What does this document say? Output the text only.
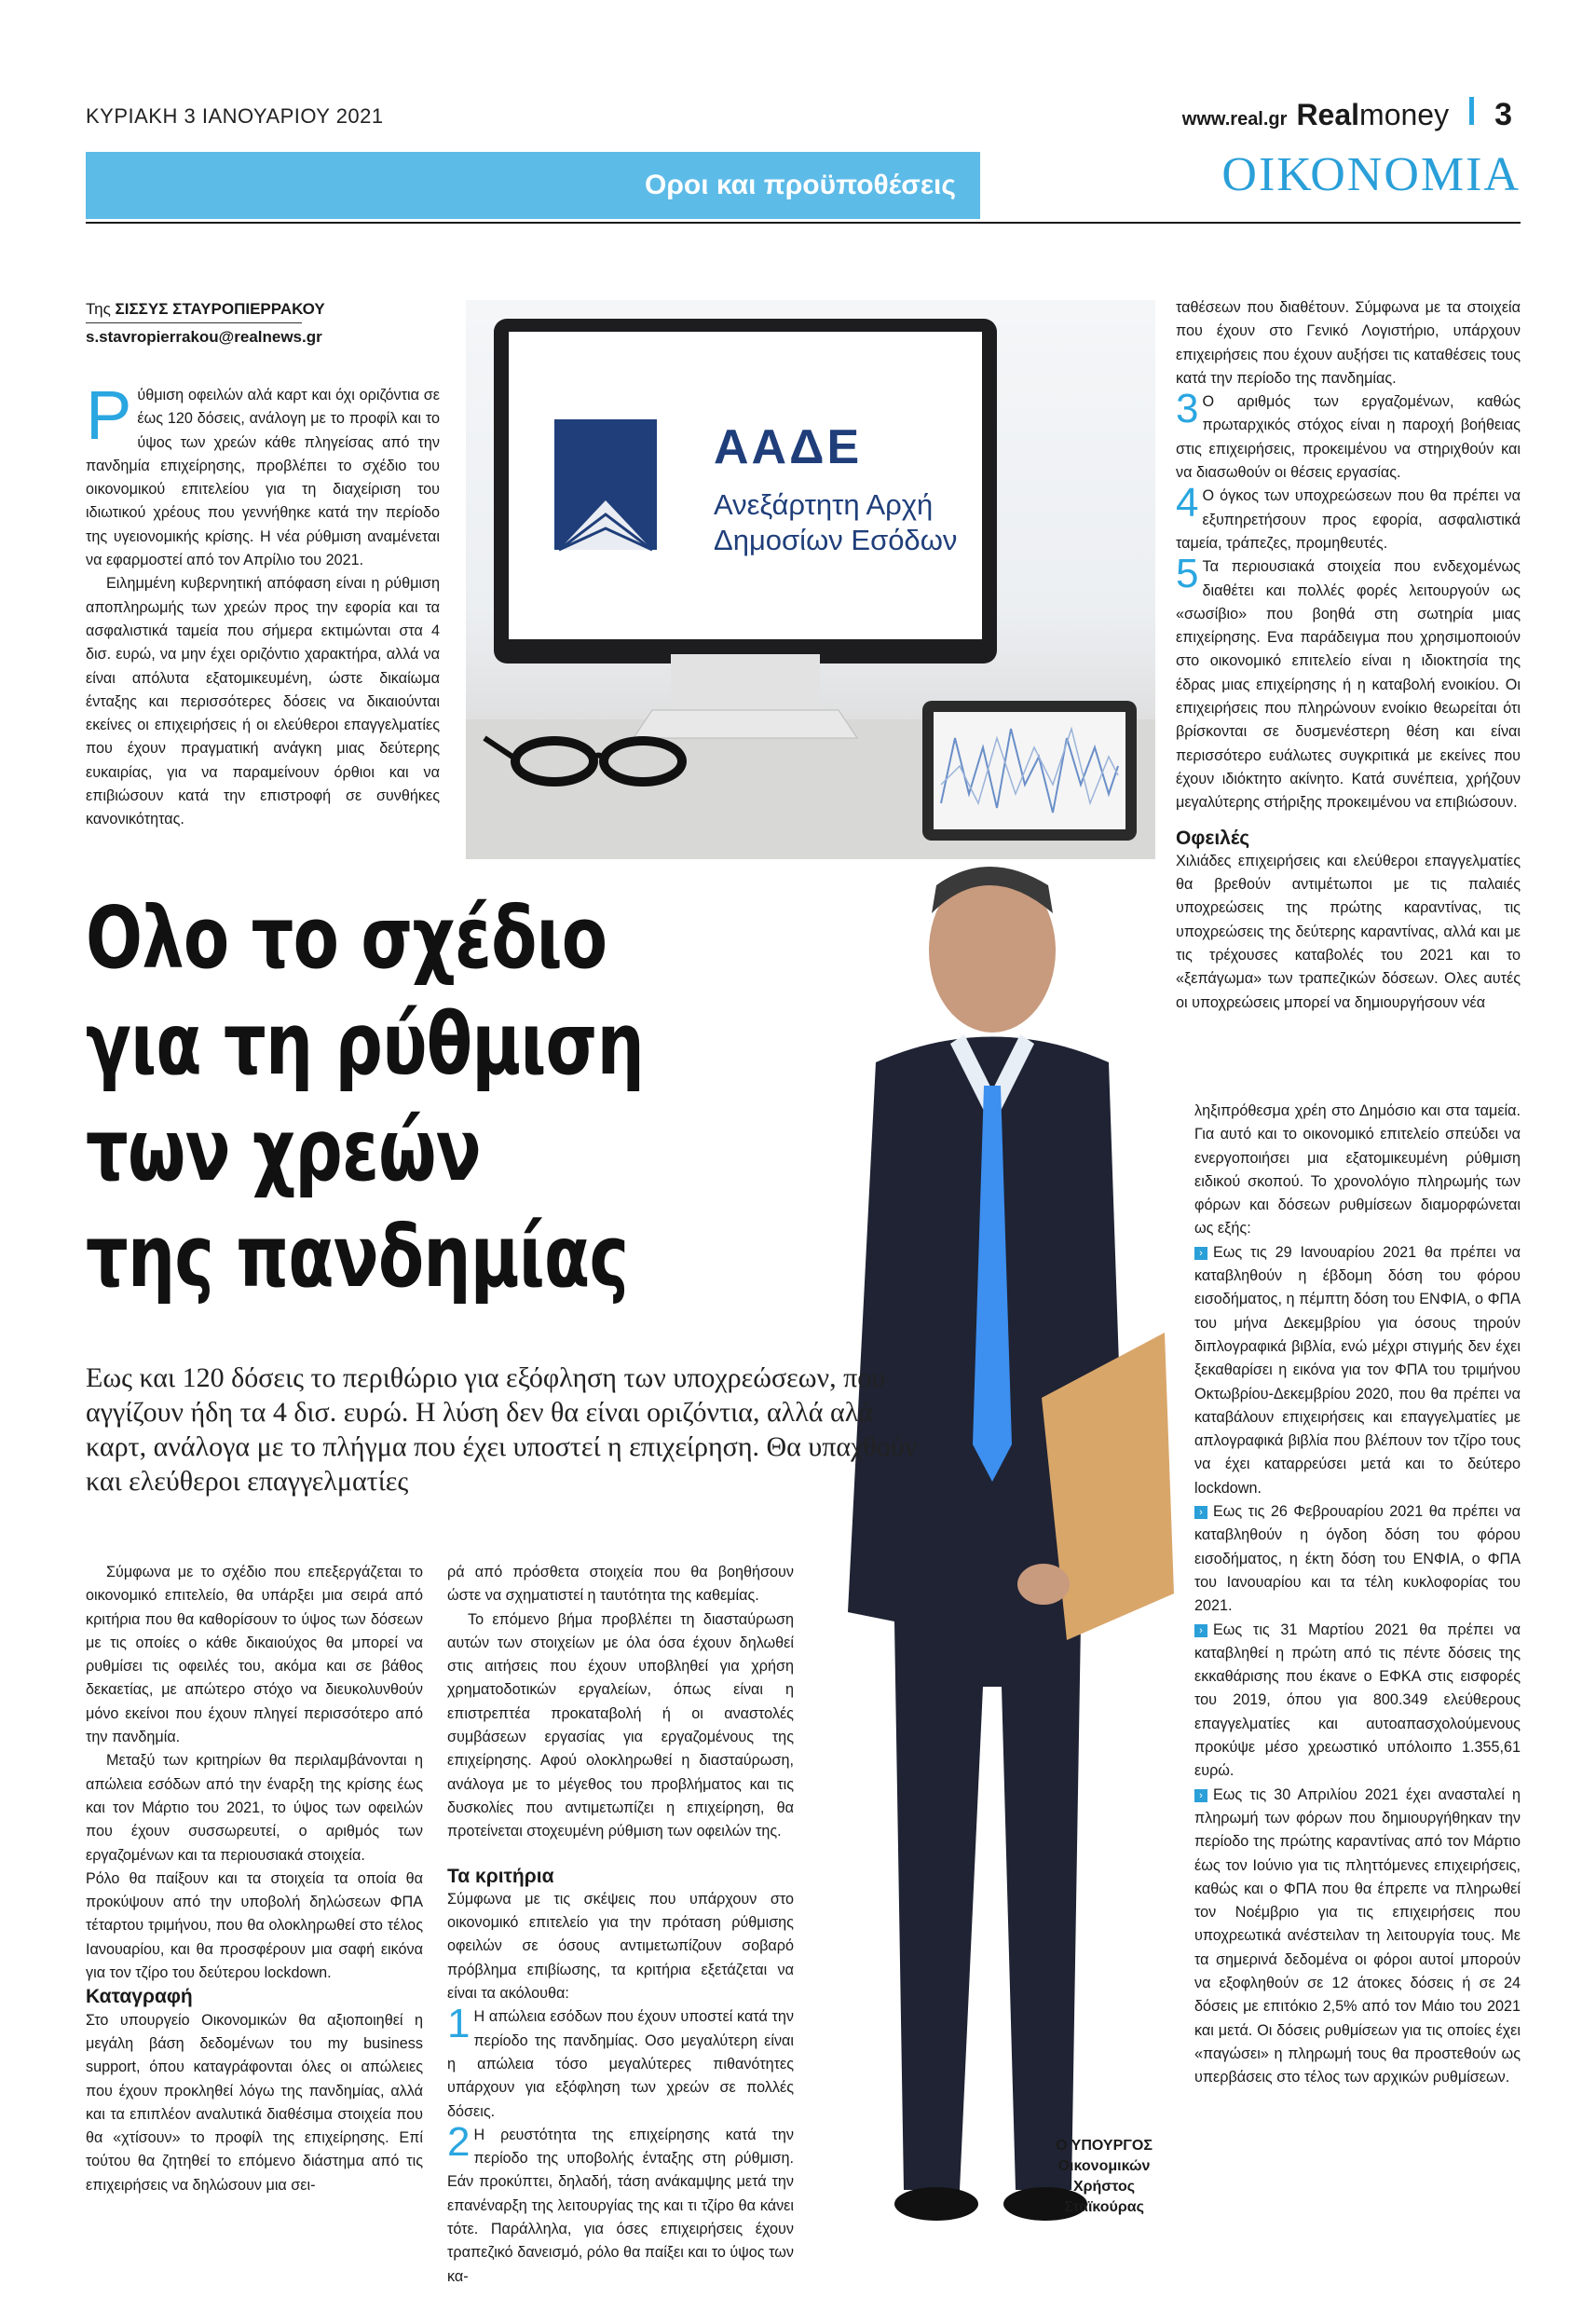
ΚΥΡΙΑΚΗ 3 ΙΑΝΟΥΑΡΙΟΥ 2021	www.real.gr Realmoney 3
Οροι και προϋποθέσεις	ΟΙΚΟΝΟΜΙΑ
Της ΣΙΣΣΥΣ ΣΤΑΥΡΟΠΙΕΡΡΑΚΟΥ
s.stavropierrakou@realnews.gr

Ρύθμιση οφειλών αλά καρτ και όχι οριζόντια σε έως 120 δόσεις, ανάλογη με το προφίλ και το ύψος των χρεών κάθε πληγείσας από την πανδημία επιχείρησης, προβλέπει το σχέδιο του οικονομικού επιτελείου για τη διαχείριση του ιδιωτικού χρέους που γεννήθηκε κατά την περίοδο της υγειονομικής κρίσης. Η νέα ρύθμιση αναμένεται να εφαρμοστεί από τον Απρίλιο του 2021.

Ειλημμένη κυβερνητική απόφαση είναι η ρύθμιση αποπληρωμής των χρεών προς την εφορία και τα ασφαλιστικά ταμεία που σήμερα εκτιμώνται στα 4 δισ. ευρώ, να μην έχει οριζόντιο χαρακτήρα, αλλά να είναι απόλυτα εξατομικευμένη, ώστε δικαίωμα ένταξης και περισσότερες δόσεις να δικαιούνται εκείνες οι επιχειρήσεις ή οι ελεύθεροι επαγγελματίες που έχουν πραγματική ανάγκη μιας δεύτερης ευκαιρίας, για να παραμείνουν όρθιοι και να επιβιώσουν κατά την επιστροφή σε συνθήκες κανονικότητας.

ΑΑΔΕ
Ανεξάρτητη Αρχή
Δημοσίων Εσόδων
Ολο το σχέδιο
για τη ρύθμιση
των χρεών
της πανδημίας
Εως και 120 δόσεις το περιθώριο για εξόφληση των υποχρεώσεων, που αγγίζουν ήδη τα 4 δισ. ευρώ. Η λύση δεν θα είναι οριζόντια, αλλά αλά καρτ, ανάλογα με το πλήγμα που έχει υποστεί η επιχείρηση. Θα υπαχθούν και ελεύθεροι επαγγελματίες

Σύμφωνα με το σχέδιο που επεξεργάζεται το οικονομικό επιτελείο, θα υπάρξει μια σειρά από κριτήρια που θα καθορίσουν το ύψος των δόσεων με τις οποίες ο κάθε δικαιούχος θα μπορεί να ρυθμίσει τις οφειλές του, ακόμα και σε βάθος δεκαετίας, με απώτερο στόχο να διευκολυνθούν μόνο εκείνοι που έχουν πληγεί περισσότερο από την πανδημία.

Μεταξύ των κριτηρίων θα περιλαμβάνονται η απώλεια εσόδων από την έναρξη της κρίσης έως και τον Μάρτιο του 2021, το ύψος των οφειλών που έχουν συσσωρευτεί, ο αριθμός των εργαζομένων και τα περιουσιακά στοιχεία.

Ρόλο θα παίξουν και τα στοιχεία τα οποία θα προκύψουν από την υποβολή δηλώσεων ΦΠΑ τέταρτου τριμήνου, που θα ολοκληρωθεί στο τέλος Ιανουαρίου, και θα προσφέρουν μια σαφή εικόνα για τον τζίρο του δεύτερου lockdown.

Καταγραφή

Στο υπουργείο Οικονομικών θα αξιοποιηθεί η μεγάλη βάση δεδομένων του my business support, όπου καταγράφονται όλες οι απώλειες που έχουν προκληθεί λόγω της πανδημίας, αλλά και τα επιπλέον αναλυτικά διαθέσιμα στοιχεία που θα «χτίσουν» το προφίλ της επιχείρησης. Επί τούτου θα ζητηθεί το επόμενο διάστημα από τις επιχειρήσεις να δηλώσουν μια σει-

ρά από πρόσθετα στοιχεία που θα βοηθήσουν ώστε να σχηματιστεί η ταυτότητα της καθεμίας.

Το επόμενο βήμα προβλέπει τη διασταύρωση αυτών των στοιχείων με όλα όσα έχουν δηλωθεί στις αιτήσεις που έχουν υποβληθεί για χρήση χρηματοδοτικών εργαλείων, όπως είναι η επιστρεπτέα προκαταβολή ή οι αναστολές συμβάσεων εργασίας για εργαζομένους της επιχείρησης. Αφού ολοκληρωθεί η διασταύρωση, ανάλογα με το μέγεθος του προβλήματος και τις δυσκολίες που αντιμετωπίζει η επιχείρηση, θα προτείνεται στοχευμένη ρύθμιση των οφειλών της.

Τα κριτήρια

Σύμφωνα με τις σκέψεις που υπάρχουν στο οικονομικό επιτελείο για την πρόταση ρύθμισης οφειλών σε όσους αντιμετωπίζουν σοβαρό πρόβλημα επιβίωσης, τα κριτήρια εξετάζεται να είναι τα ακόλουθα:

1 Η απώλεια εσόδων που έχουν υποστεί κατά την περίοδο της πανδημίας. Οσο μεγαλύτερη είναι η απώλεια τόσο μεγαλύτερες πιθανότητες υπάρχουν για εξόφληση των χρεών σε πολλές δόσεις.

2 Η ρευστότητα της επιχείρησης κατά την περίοδο της υποβολής ένταξης στη ρύθμιση. Εάν προκύπτει, δηλαδή, τάση ανάκαμψης μετά την επανέναρξη της λειτουργίας της και τι τζίρο θα κάνει τότε. Παράλληλα, για όσες επιχειρήσεις έχουν τραπεζικό δανεισμό, ρόλο θα παίξει και το ύψος των κα-

ταθέσεων που διαθέτουν. Σύμφωνα με τα στοιχεία που έχουν στο Γενικό Λογιστήριο, υπάρχουν επιχειρήσεις που έχουν αυξήσει τις καταθέσεις τους κατά την περίοδο της πανδημίας.

3 Ο αριθμός των εργαζομένων, καθώς πρωταρχικός στόχος είναι η παροχή βοήθειας στις επιχειρήσεις, προκειμένου να στηριχθούν και να διασωθούν οι θέσεις εργασίας.

4 Ο όγκος των υποχρεώσεων που θα πρέπει να εξυπηρετήσουν προς εφορία, ασφαλιστικά ταμεία, τράπεζες, προμηθευτές.

5 Τα περιουσιακά στοιχεία που ενδεχομένως διαθέτει και πολλές φορές λειτουργούν ως «σωσίβιο» που βοηθά στη σωτηρία μιας επιχείρησης. Ενα παράδειγμα που χρησιμοποιούν στο οικονομικό επιτελείο είναι η ιδιοκτησία της έδρας μιας επιχείρησης ή η καταβολή ενοικίου. Οι επιχειρήσεις που πληρώνουν ενοίκιο θεωρείται ότι βρίσκονται σε δυσμενέστερη θέση και είναι περισσότερο ευάλωτες συγκριτικά με εκείνες που έχουν ιδιόκτητο ακίνητο. Κατά συνέπεια, χρήζουν μεγαλύτερης στήριξης προκειμένου να επιβιώσουν.

Οφειλές

Χιλιάδες επιχειρήσεις και ελεύθεροι επαγγελματίες θα βρεθούν αντιμέτωποι με τις παλαιές υποχρεώσεις της πρώτης καραντίνας, τις υποχρεώσεις της δεύτερης καραντίνας, αλλά και με τις τρέχουσες καταβολές του 2021 και το «ξεπάγωμα» των τραπεζικών δόσεων. Ολες αυτές οι υποχρεώσεις μπορεί να δημιουργήσουν νέα

ληξιπρόθεσμα χρέη στο Δημόσιο και στα ταμεία. Για αυτό και το οικονομικό επιτελείο σπεύδει να ενεργοποιήσει μια εξατομικευμένη ρύθμιση ειδικού σκοπού. Το χρονολόγιο πληρωμής των φόρων και δόσεων ρυθμίσεων διαμορφώνεται ως εξής:

› Εως τις 29 Ιανουαρίου 2021 θα πρέπει να καταβληθούν η έβδομη δόση του φόρου εισοδήματος, η πέμπτη δόση του ΕΝΦΙΑ, ο ΦΠΑ του μήνα Δεκεμβρίου για όσους τηρούν διπλογραφικά βιβλία, ενώ μέχρι στιγμής δεν έχει ξεκαθαρίσει η εικόνα για τον ΦΠΑ του τριμήνου Οκτωβρίου-Δεκεμβρίου 2020, που θα πρέπει να καταβάλουν επιχειρήσεις και επαγγελματίες με απλογραφικά βιβλία που βλέπουν τον τζίρο τους να έχει καταρρεύσει μετά και το δεύτερο lockdown.

› Εως τις 26 Φεβρουαρίου 2021 θα πρέπει να καταβληθούν η όγδοη δόση του φόρου εισοδήματος, η έκτη δόση του ΕΝΦΙΑ, ο ΦΠΑ του Ιανουαρίου και τα τέλη κυκλοφορίας του 2021.

› Εως τις 31 Μαρτίου 2021 θα πρέπει να καταβληθεί η πρώτη από τις πέντε δόσεις της εκκαθάρισης που έκανε ο ΕΦΚΑ στις εισφορές του 2019, όπου για 800.349 ελεύθερους επαγγελματίες και αυτοαπασχολούμενους προκύψε μέσο χρεωστικό υπόλοιπο 1.355,61 ευρώ.

› Εως τις 30 Απριλίου 2021 έχει ανασταλεί η πληρωμή των φόρων που δημιουργήθηκαν την περίοδο της πρώτης καραντίνας από τον Μάρτιο έως τον Ιούνιο για τις πληττόμενες επιχειρήσεις, καθώς και ο ΦΠΑ που θα έπρεπε να πληρωθεί τον Νοέμβριο για τις επιχειρήσεις που υποχρεωτικά ανέστειλαν τη λειτουργία τους. Με τα σημερινά δεδομένα οι φόροι αυτοί μπορούν να εξοφληθούν σε 12 άτοκες δόσεις ή σε 24 δόσεις με επιτόκιο 2,5% από τον Μάιο του 2021 και μετά. Οι δόσεις ρυθμίσεων για τις οποίες έχει «παγώσει» η πληρωμή τους θα προστεθούν ως υπερβάσεις στο τέλος των αρχικών ρυθμίσεων.

Ο ΥΠΟΥΡΓΟΣ
Οικονομικών
Χρήστος
Σταϊκούρας
